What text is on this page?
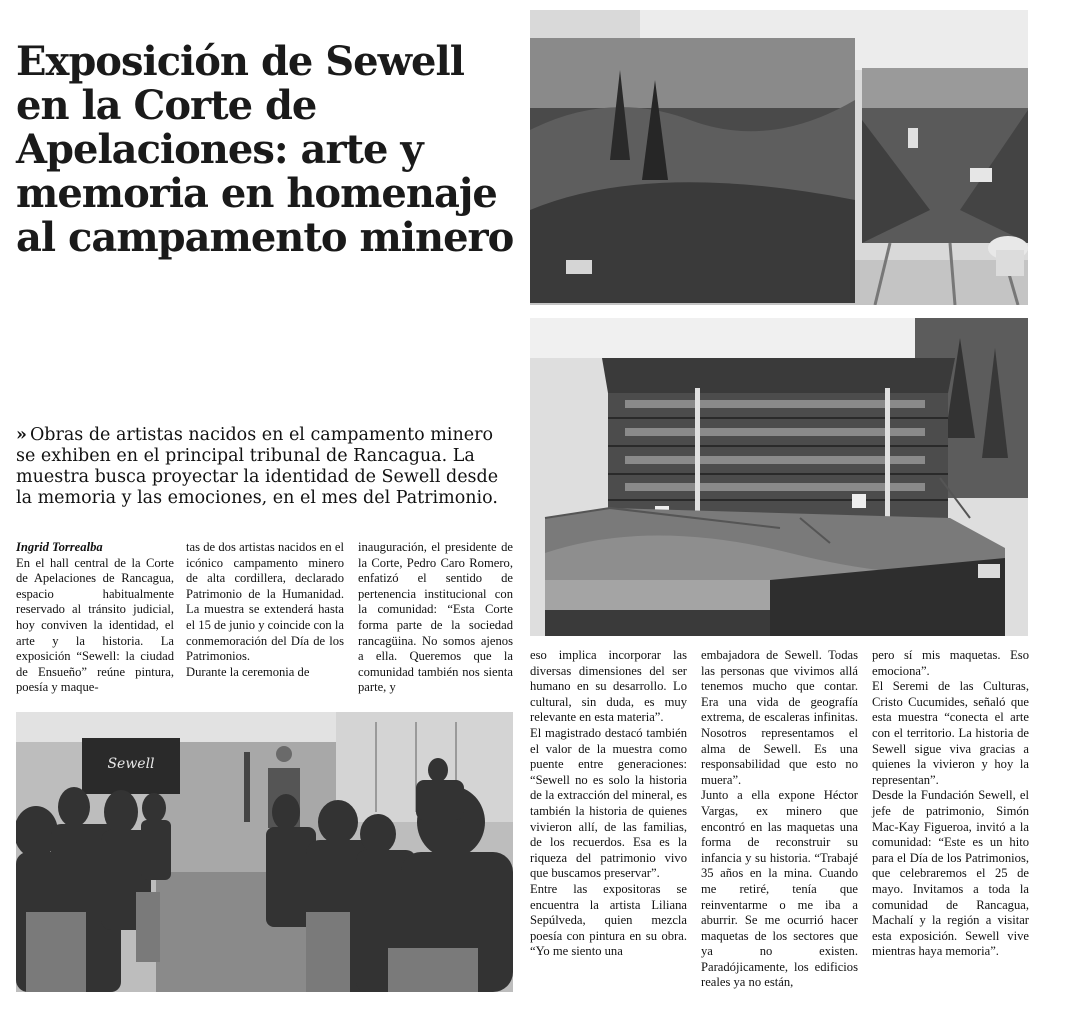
Exposición de Sewell en la Corte de Apelaciones: arte y memoria en homenaje al campamento minero

» Obras de artistas nacidos en el campamento minero se exhiben en el principal tribunal de Rancagua. La muestra busca proyectar la identidad de Sewell desde la memoria y las emociones, en el mes del Patrimonio.

Ingrid Torrealba

En el hall central de la Corte de Apelaciones de Rancagua, espacio habitualmente reservado al tránsito judicial, hoy conviven la identidad, el arte y la historia. La exposición “Sewell: la ciudad de Ensueño” reúne pintura, poesía y maque-

tas de dos artistas nacidos en el icónico campamento minero de alta cordillera, declarado Patrimonio de la Humanidad. La muestra se extenderá hasta el 15 de junio y coincide con la conmemoración del Día de los Patrimonios.

Durante la ceremonia de

inauguración, el presidente de la Corte, Pedro Caro Romero, enfatizó el sentido de pertenencia institucional con la comunidad: “Esta Corte forma parte de la sociedad rancagüina. No somos ajenos a ella. Queremos que la comunidad también nos sienta parte, y

eso implica incorporar las diversas dimensiones del ser humano en su desarrollo. Lo cultural, sin duda, es muy relevante en esta materia”.

El magistrado destacó también el valor de la muestra como puente entre generaciones: “Sewell no es solo la historia de la extracción del mineral, es también la historia de quienes vivieron allí, de las familias, de los recuerdos. Esa es la riqueza del patrimonio vivo que buscamos preservar”.

Entre las expositoras se encuentra la artista Liliana Sepúlveda, quien mezcla poesía con pintura en su obra. “Yo me siento una

embajadora de Sewell. Todas las personas que vivimos allá tenemos mucho que contar. Era una vida de geografía extrema, de escaleras infinitas. Nosotros representamos el alma de Sewell. Es una responsabilidad que esto no muera”.

Junto a ella expone Héctor Vargas, ex minero que encontró en las maquetas una forma de reconstruir su infancia y su historia. “Trabajé 35 años en la mina. Cuando me retiré, tenía que reinventarme o me iba a aburrir. Se me ocurrió hacer maquetas de los sectores que ya no existen. Paradójicamente, los edificios reales ya no están,

pero sí mis maquetas. Eso emociona”.

El Seremi de las Culturas, Cristo Cucumides, señaló que esta muestra “conecta el arte con el territorio. La historia de Sewell sigue viva gracias a quienes la vivieron y hoy la representan”.

Desde la Fundación Sewell, el jefe de patrimonio, Simón Mac-Kay Figueroa, invitó a la comunidad: “Este es un hito para el Día de los Patrimonios, que celebraremos el 25 de mayo. Invitamos a toda la comunidad de Rancagua, Machalí y la región a visitar esta exposición. Sewell vive mientras haya memoria”.

Sewell
